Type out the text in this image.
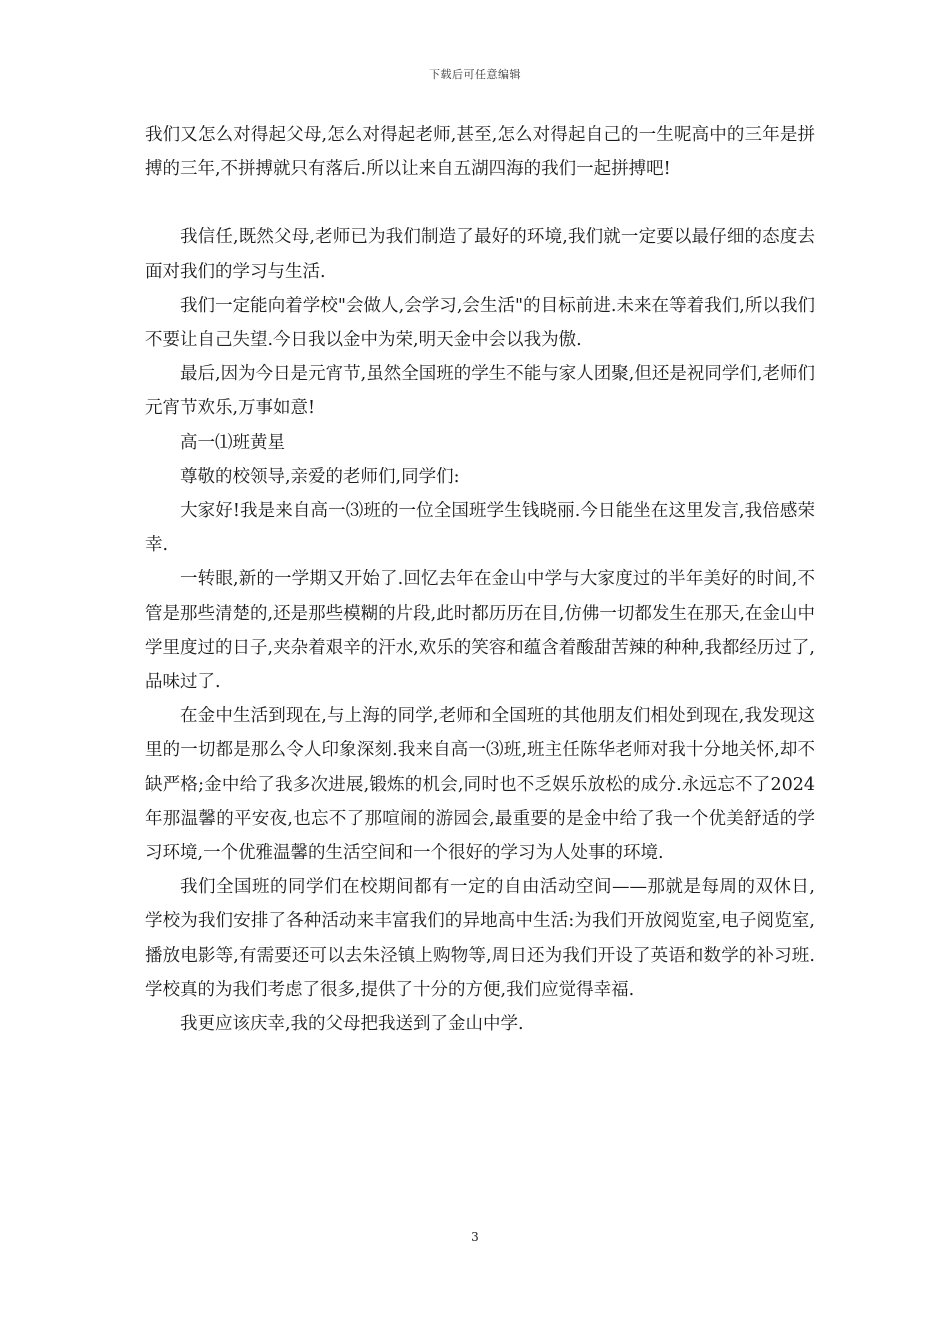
下载后可任意编辑

我们又怎么对得起父母,怎么对得起老师,甚至,怎么对得起自己的一生呢高中的三年是拼搏的三年,不拼搏就只有落后.所以让来自五湖四海的我们一起拼搏吧!

我信任,既然父母,老师已为我们制造了最好的环境,我们就一定要以最仔细的态度去面对我们的学习与生活.

我们一定能向着学校"会做人,会学习,会生活"的目标前进.未来在等着我们,所以我们不要让自己失望.今日我以金中为荣,明天金中会以我为傲.

最后,因为今日是元宵节,虽然全国班的学生不能与家人团聚,但还是祝同学们,老师们元宵节欢乐,万事如意!

高一⑴班黄星

尊敬的校领导,亲爱的老师们,同学们:

大家好!我是来自高一⑶班的一位全国班学生钱晓丽.今日能坐在这里发言,我倍感荣幸.

一转眼,新的一学期又开始了.回忆去年在金山中学与大家度过的半年美好的时间,不管是那些清楚的,还是那些模糊的片段,此时都历历在目,仿佛一切都发生在那天,在金山中学里度过的日子,夹杂着艰辛的汗水,欢乐的笑容和蕴含着酸甜苦辣的种种,我都经历过了,品味过了.

在金中生活到现在,与上海的同学,老师和全国班的其他朋友们相处到现在,我发现这里的一切都是那么令人印象深刻.我来自高一⑶班,班主任陈华老师对我十分地关怀,却不缺严格;金中给了我多次进展,锻炼的机会,同时也不乏娱乐放松的成分.永远忘不了2024年那温馨的平安夜,也忘不了那喧闹的游园会,最重要的是金中给了我一个优美舒适的学习环境,一个优雅温馨的生活空间和一个很好的学习为人处事的环境.

我们全国班的同学们在校期间都有一定的自由活动空间——那就是每周的双休日,学校为我们安排了各种活动来丰富我们的异地高中生活:为我们开放阅览室,电子阅览室,播放电影等,有需要还可以去朱泾镇上购物等,周日还为我们开设了英语和数学的补习班.学校真的为我们考虑了很多,提供了十分的方便,我们应觉得幸福.

我更应该庆幸,我的父母把我送到了金山中学.

3
